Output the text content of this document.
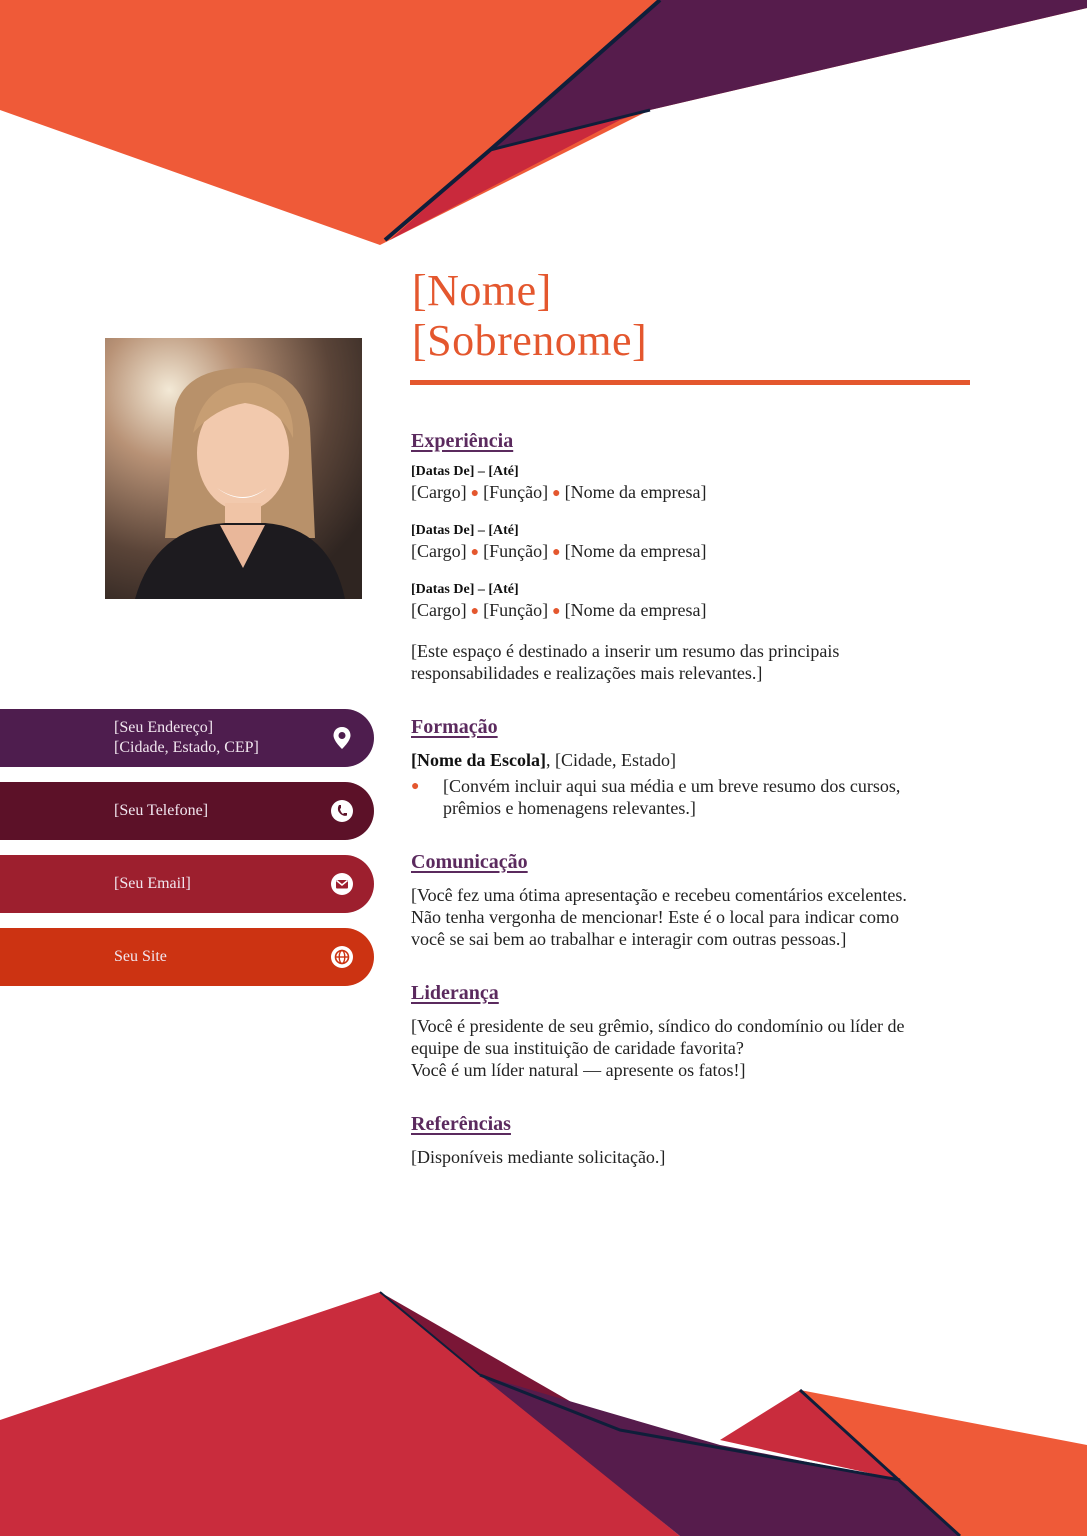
[Nome]
[Sobrenome]
Experiência
[Datas De] – [Até]
[Cargo] ● [Função] ● [Nome da empresa]
[Datas De] – [Até]
[Cargo] ● [Função] ● [Nome da empresa]
[Datas De] – [Até]
[Cargo] ● [Função] ● [Nome da empresa]
[Este espaço é destinado a inserir um resumo das principais
responsabilidades e realizações mais relevantes.]
Formação
[Nome da Escola], [Cidade, Estado]
●	[Convém incluir aqui sua média e um breve resumo dos cursos,
prêmios e homenagens relevantes.]
Comunicação
[Você fez uma ótima apresentação e recebeu comentários excelentes.
Não tenha vergonha de mencionar! Este é o local para indicar como
você se sai bem ao trabalhar e interagir com outras pessoas.]
Liderança
[Você é presidente de seu grêmio, síndico do condomínio ou líder de
equipe de sua instituição de caridade favorita?
Você é um líder natural — apresente os fatos!]
Referências
[Disponíveis mediante solicitação.]
[Seu Endereço]
[Cidade, Estado, CEP]
[Seu Telefone]
[Seu Email]
Seu Site
